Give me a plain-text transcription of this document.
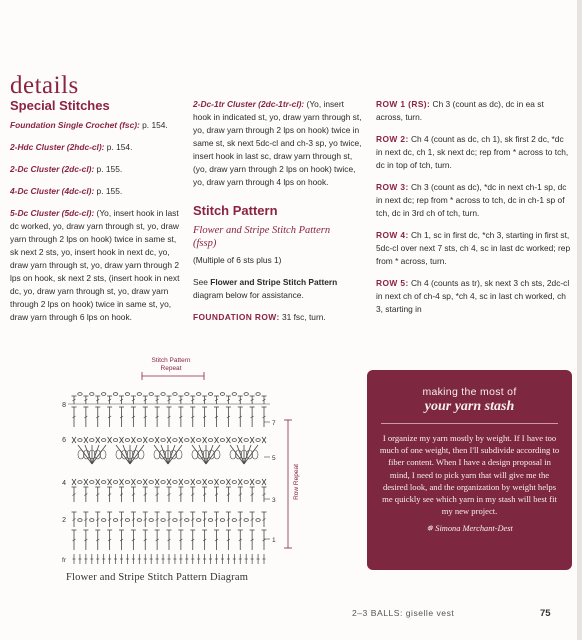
details
Special Stitches

Foundation Single Crochet (fsc): p. 154.

2-Hdc Cluster (2hdc-cl): p. 154.

2-Dc Cluster (2dc-cl): p. 155.

4-Dc Cluster (4dc-cl): p. 155.

5-Dc Cluster (5dc-cl): (Yo, insert hook in last dc worked, yo, draw yarn through st, yo, draw yarn through 2 lps on hook) twice in same st, sk next 2 sts, yo, insert hook in next dc, yo, draw yarn through st, yo, draw yarn through 2 lps on hook, sk next 2 sts, (insert hook in next dc, yo, draw yarn through st, yo, draw yarn through 2 lps on hook) twice in same st, yo, draw yarn through 6 lps on hook.

2-Dc-1tr Cluster (2dc-1tr-cl): (Yo, insert hook in indicated st, yo, draw yarn through st, yo, draw yarn through 2 lps on hook) twice in same st, sk next 5dc-cl and ch-3 sp, yo twice, insert hook in last sc, draw yarn through st, (yo, draw yarn through 2 lps on hook) twice, yo, draw yarn through 4 lps on hook.

Stitch Pattern
Flower and Stripe Stitch Pattern
(fssp)

(Multiple of 6 sts plus 1)

See Flower and Stripe Stitch Pattern diagram below for assistance.

FOUNDATION ROW: 31 fsc, turn.

ROW 1 (RS): Ch 3 (count as dc), dc in ea st across, turn.

ROW 2: Ch 4 (count as dc, ch 1), sk first 2 dc, *dc in next dc, ch 1, sk next dc; rep from * across to tch, dc in top of tch, turn.

ROW 3: Ch 3 (count as dc), *dc in next ch-1 sp, dc in next dc; rep from * across to tch, dc in ch-1 sp of tch, dc in 3rd ch of tch, turn.

ROW 4: Ch 1, sc in first dc, *ch 3, starting in first st, 5dc-cl over next 7 sts, ch 4, sc in last dc worked; rep from * across, turn.

ROW 5: Ch 4 (counts as tr), sk next 3 ch sts, 2dc-cl in next ch of ch-4 sp, *ch 4, sc in last ch worked, ch 3, starting in

Stitch Pattern
Repeat
Row Repeat
8
6
4
2
fr
7
5
3
1

Flower and Stripe Stitch Pattern Diagram

making the most of
your yarn stash
I organize my yarn mostly by weight. If I have too much of one weight, then I'll subdivide according to fiber content. When I have a design proposal in mind, I need to pick yarn that will give me the desired look, and the organization by weight helps me quickly see which yarn in my stash will best fit my new project.
✵ Simona Merchant-Dest
2–3 BALLS: giselle vest	75
